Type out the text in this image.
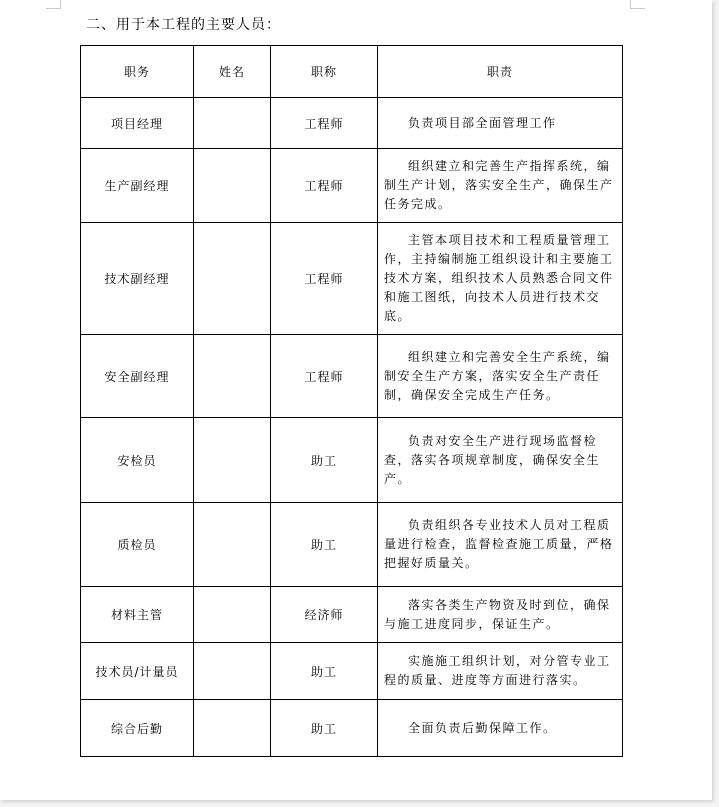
二、用于本工程的主要人员：
职务	姓名	职称	职责
项目经理		工程师	负责项目部全面管理工作
生产副经理		工程师	组织建立和完善生产指挥系统，编制生产计划，落实安全生产，确保生产任务完成。
技术副经理		工程师	主管本项目技术和工程质量管理工作，主持编制施工组织设计和主要施工技术方案，组织技术人员熟悉合同文件和施工图纸，向技术人员进行技术交底。
安全副经理		工程师	组织建立和完善安全生产系统，编制安全生产方案，落实安全生产责任制，确保安全完成生产任务。
安检员		助工	负责对安全生产进行现场监督检查，落实各项规章制度，确保安全生产。
质检员		助工	负责组织各专业技术人员对工程质量进行检查，监督检查施工质量，严格把握好质量关。
材料主管		经济师	落实各类生产物资及时到位，确保与施工进度同步，保证生产。
技术员/计量员		助工	实施施工组织计划，对分管专业工程的质量、进度等方面进行落实。
综合后勤		助工	全面负责后勤保障工作。
